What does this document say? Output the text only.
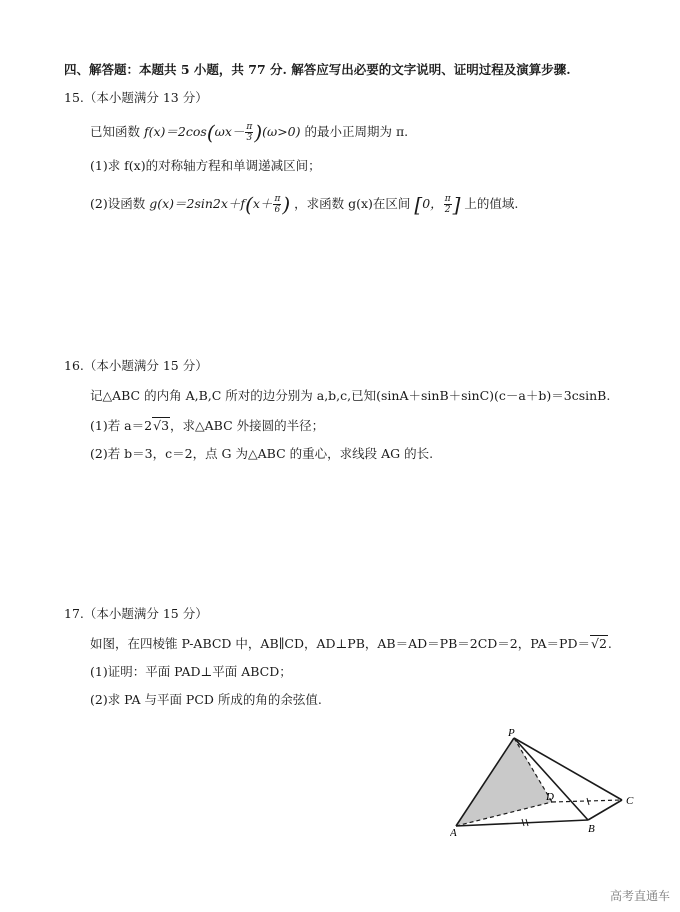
四、解答题：本题共 5 小题，共 77 分. 解答应写出必要的文字说明、证明过程及演算步骤.
15.（本小题满分 13 分）
已知函数 $f(x)=2\cos(\omega x- \frac{\pi}{3} )(\omega>0)$ 的最小正周期为 π.
(1)求 f(x)的对称轴方程和单调递减区间；
(2)设函数 $g(x)=2\sin 2x+f(x+ \frac{\pi}{6}$ ) ，求函数 g(x)在区间 [0， $\frac{\pi}{2}$ ] 上的值域.
16.（本小题满分 15 分）
记△ABC 的内角 A,B,C 所对的边分别为 a,b,c,已知(sinA＋sinB＋sinC)(c－a＋b)＝3csinB.
(1)若 a＝2√3，求△ABC 外接圆的半径；
(2)若 b＝3，c＝2，点 G 为△ABC 的重心，求线段 AG 的长.
17.（本小题满分 15 分）
如图，在四棱锥 P-ABCD 中，AB∥CD，AD⊥PB，AB＝AD＝PB＝2CD＝2，PA＝PD＝√2.
(1)证明：平面 PAD⊥平面 ABCD；
(2)求 PA 与平面 PCD 所成的角的余弦值.
P
A	B
C
D
高考直通车
